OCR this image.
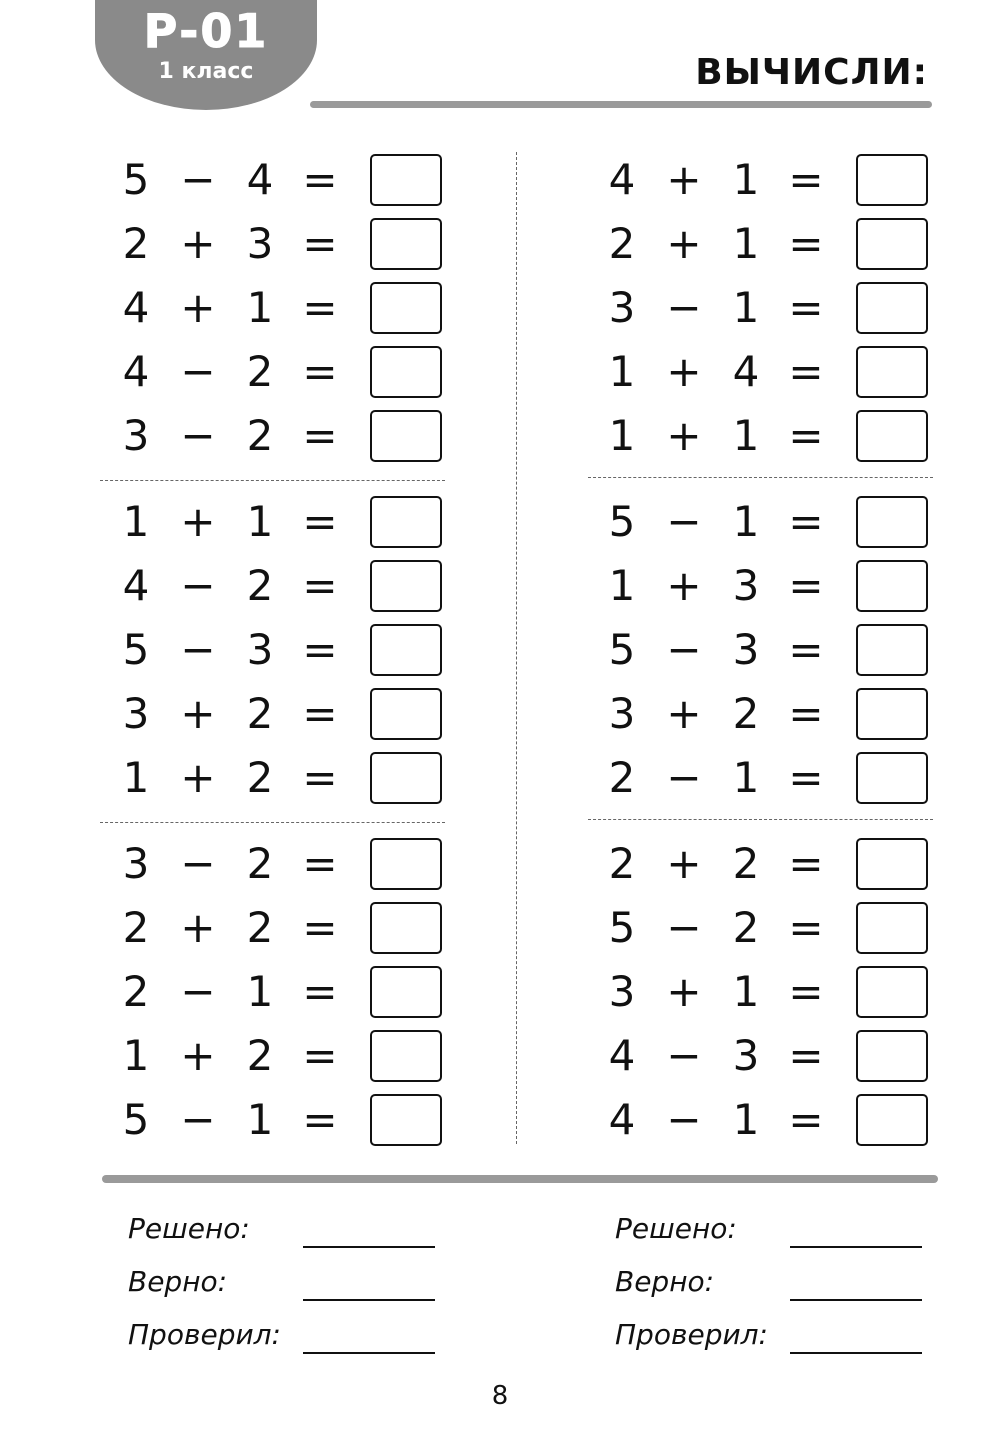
Р-01
1 класс	ВЫЧИСЛИ:
5 − 4 =
2 + 3 =
4 + 1 =
4 − 2 =
3 − 2 =
1 + 1 =
4 − 2 =
5 − 3 =
3 + 2 =
1 + 2 =
3 − 2 =
2 + 2 =
2 − 1 =
1 + 2 =
5 − 1 =
4 + 1 =
2 + 1 =
3 − 1 =
1 + 4 =
1 + 1 =
5 − 1 =
1 + 3 =
5 − 3 =
3 + 2 =
2 − 1 =
2 + 2 =
5 − 2 =
3 + 1 =
4 − 3 =
4 − 1 =
Решено:
Верно:
Проверил:
Решено:
Верно:
Проверил:
8
